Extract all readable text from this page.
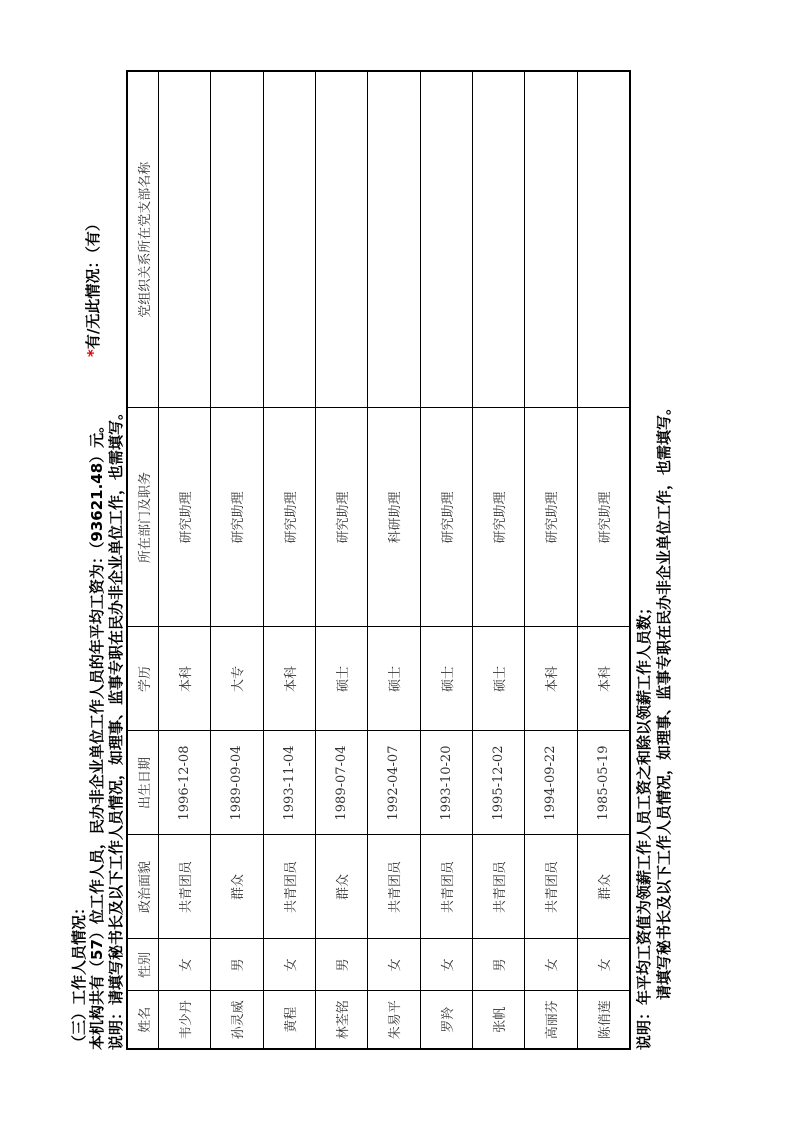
（三）工作人员情况： 本机构共有（57）位工作人员，民办非企业单位工作人员的年平均工资为：（93621.48）元。 说明：请填写秘书长及以下工作人员情况，如理事、监事专职在民办非企业单位工作，也需填写。
*有/无此情况：（有）
姓名	性别	政治面貌	出生日期	学历	所在部门及职务	党组织关系所在党支部名称
韦少丹	女	共青团员	1996-12-08	本科	研究助理	
孙灵威	男	群众	1989-09-04	大专	研究助理	
黄程	女	共青团员	1993-11-04	本科	研究助理	
林荃铭	男	群众	1989-07-04	硕士	研究助理	
朱易平	女	共青团员	1992-04-07	硕士	科研助理	
罗羚	女	共青团员	1993-10-20	硕士	研究助理	
张帆	男	共青团员	1995-12-02	硕士	研究助理	
高丽芬	女	共青团员	1994-09-22	本科	研究助理	
陈俏莲	女	群众	1985-05-19	本科	研究助理	
说明：年平均工资值为领薪工作人员工资之和除以领薪工作人员数； 请填写秘书长及以下工作人员情况，如理事、监事专职在民办非企业单位工作，也需填写。
